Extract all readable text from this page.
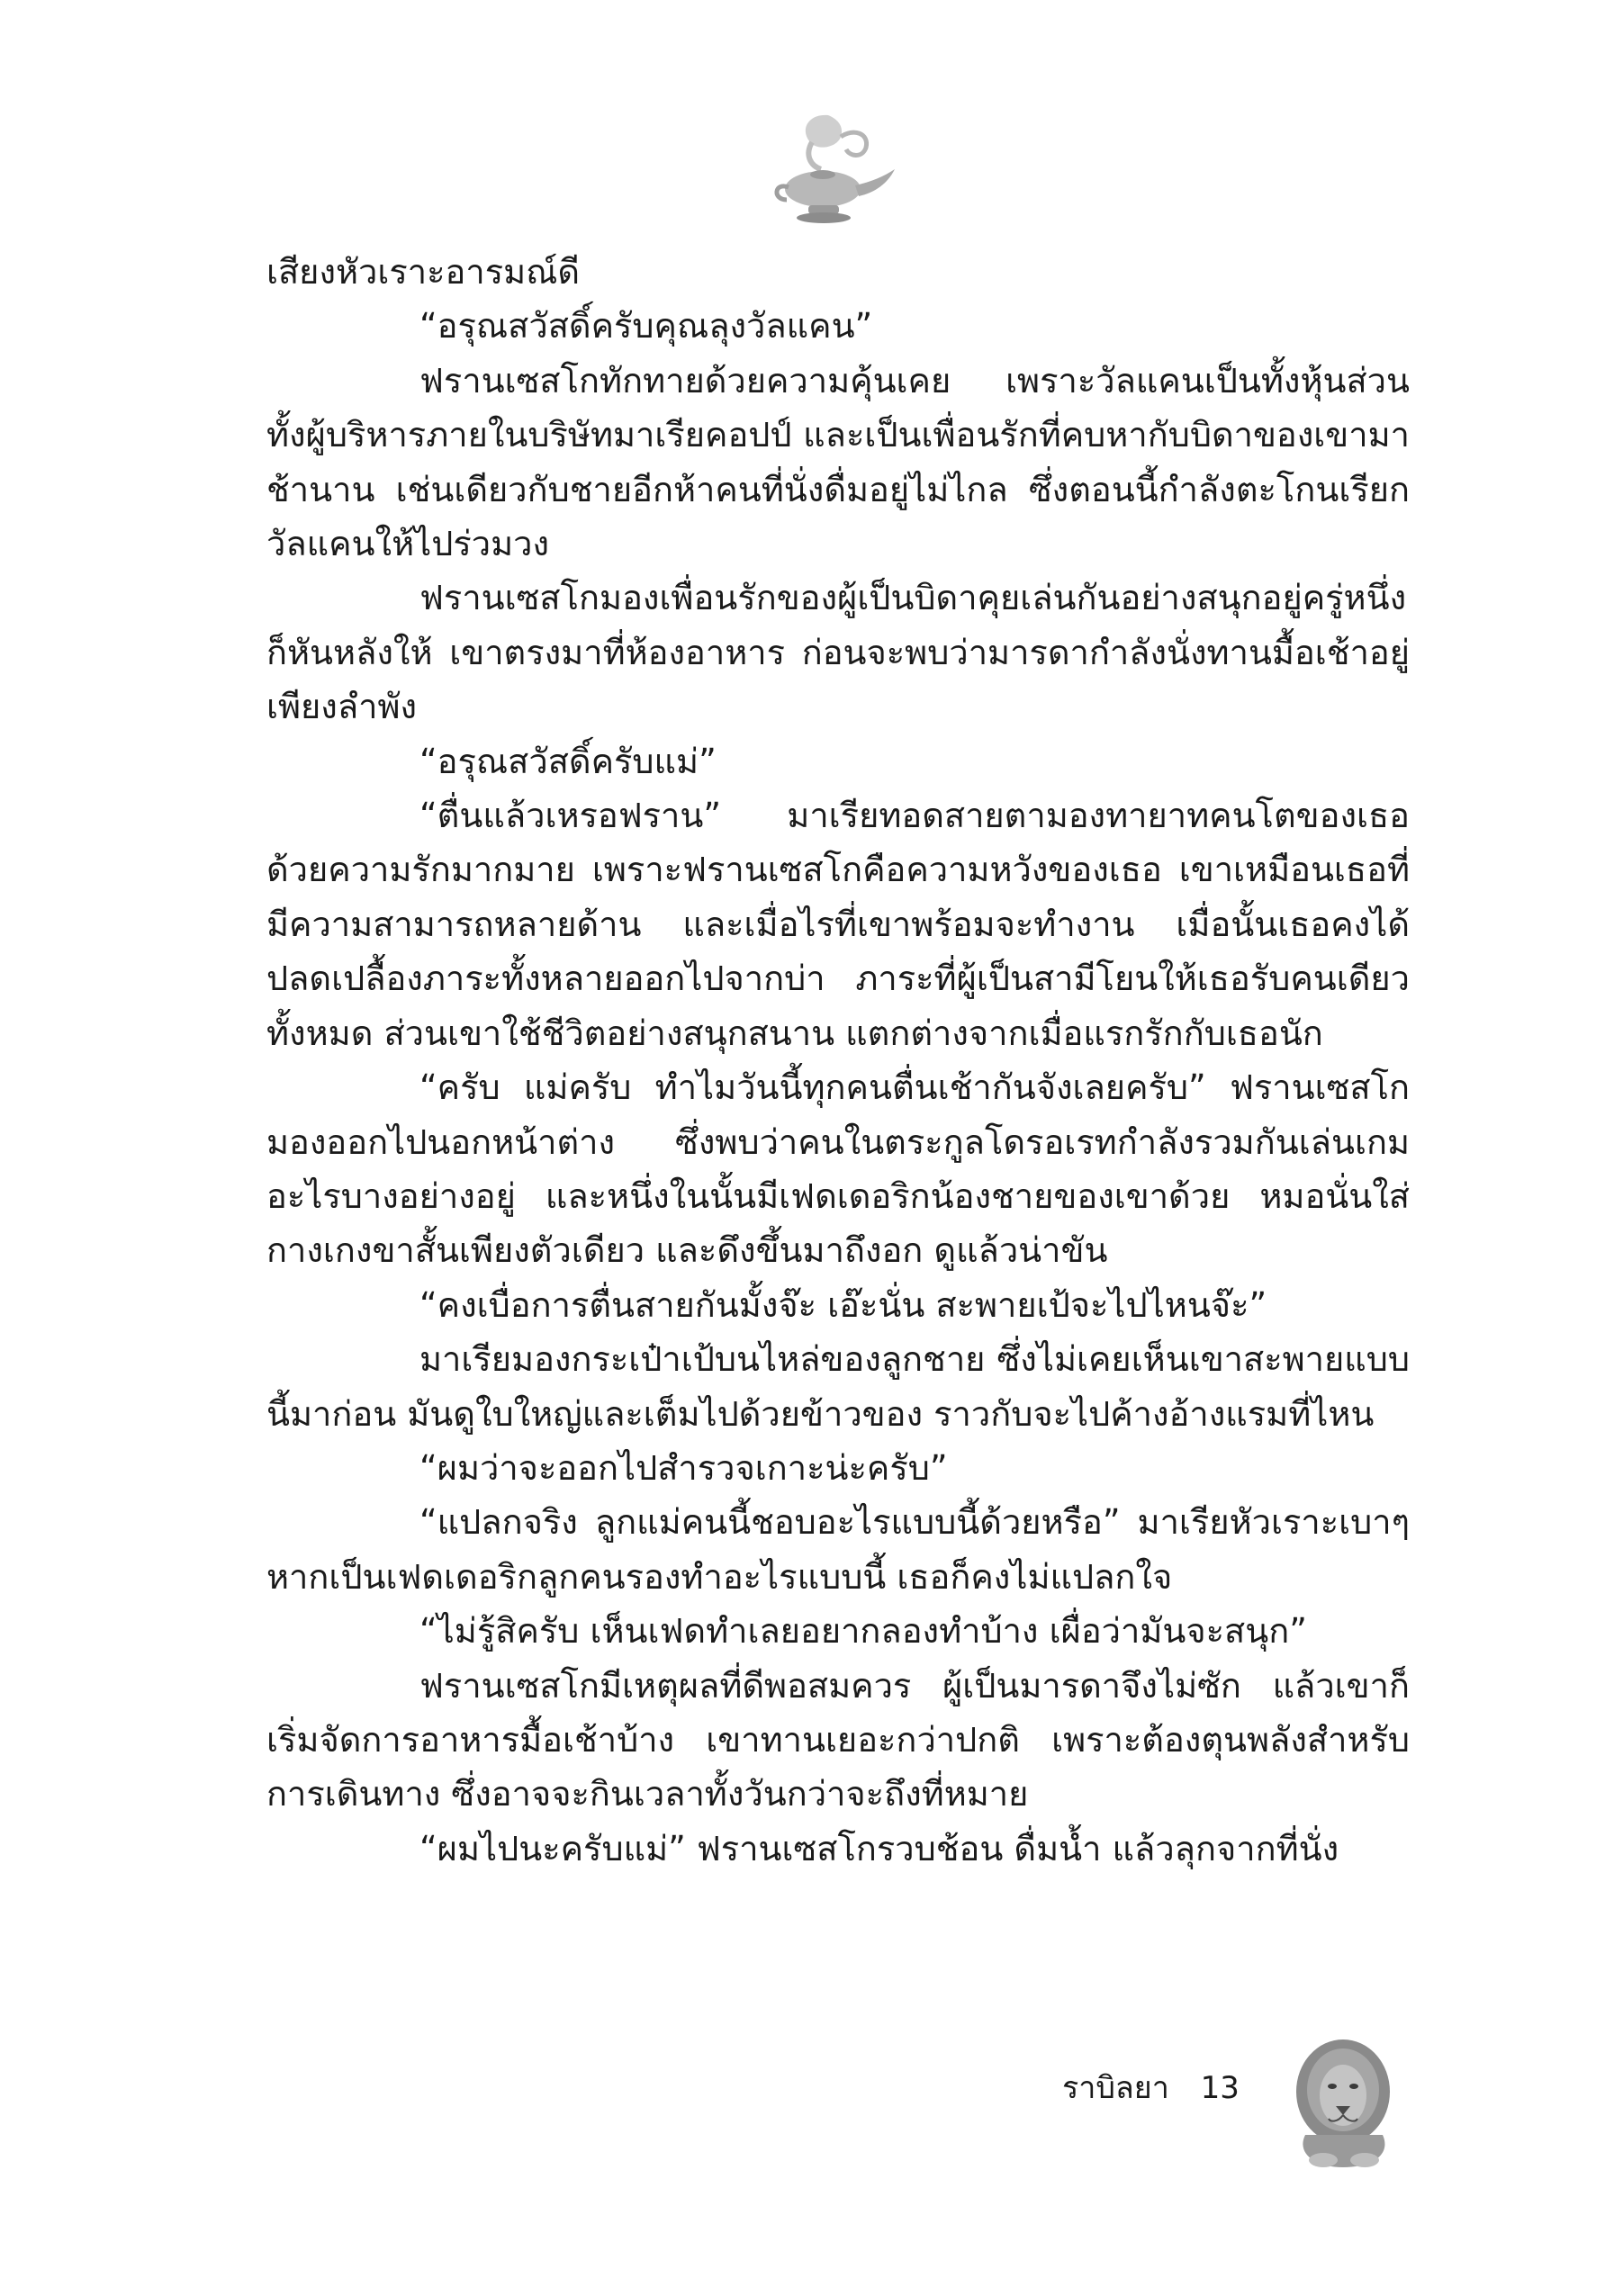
เสียงหัวเราะอารมณ์ดี

“อรุณสวัสดิ์ครับคุณลุงวัลแคน”

ฟรานเซสโกทักทายด้วยความคุ้นเคย เพราะวัลแคนเป็นทั้งหุ้นส่วน ทั้งผู้บริหารภายในบริษัทมาเรียคอปป์ และเป็นเพื่อนรักที่คบหากับบิดาของเขามาช้านาน เช่นเดียวกับชายอีกห้าคนที่นั่งดื่มอยู่ไม่ไกล ซึ่งตอนนี้กำลังตะโกนเรียกวัลแคนให้ไปร่วมวง

ฟรานเซสโกมองเพื่อนรักของผู้เป็นบิดาคุยเล่นกันอย่างสนุกอยู่ครู่หนึ่ง ก็หันหลังให้ เขาตรงมาที่ห้องอาหาร ก่อนจะพบว่ามารดากำลังนั่งทานมื้อเช้าอยู่เพียงลำพัง

“อรุณสวัสดิ์ครับแม่”

“ตื่นแล้วเหรอฟราน” มาเรียทอดสายตามองทายาทคนโตของเธอด้วยความรักมากมาย เพราะฟรานเซสโกคือความหวังของเธอ เขาเหมือนเธอที่มีความสามารถหลายด้าน และเมื่อไรที่เขาพร้อมจะทำงาน เมื่อนั้นเธอคงได้ปลดเปลื้องภาระทั้งหลายออกไปจากบ่า ภาระที่ผู้เป็นสามีโยนให้เธอรับคนเดียวทั้งหมด ส่วนเขาใช้ชีวิตอย่างสนุกสนาน แตกต่างจากเมื่อแรกรักกับเธอนัก

“ครับ แม่ครับ ทำไมวันนี้ทุกคนตื่นเช้ากันจังเลยครับ” ฟรานเซสโกมองออกไปนอกหน้าต่าง ซึ่งพบว่าคนในตระกูลโดรอเรทกำลังรวมกันเล่นเกมอะไรบางอย่างอยู่ และหนึ่งในนั้นมีเฟดเดอริกน้องชายของเขาด้วย หมอนั่นใส่กางเกงขาสั้นเพียงตัวเดียว และดึงขึ้นมาถึงอก ดูแล้วน่าขัน

“คงเบื่อการตื่นสายกันมั้งจ๊ะ เอ๊ะนั่น สะพายเป้จะไปไหนจ๊ะ”

มาเรียมองกระเป๋าเป้บนไหล่ของลูกชาย ซึ่งไม่เคยเห็นเขาสะพายแบบนี้มาก่อน มันดูใบใหญ่และเต็มไปด้วยข้าวของ ราวกับจะไปค้างอ้างแรมที่ไหน

“ผมว่าจะออกไปสำรวจเกาะน่ะครับ”

“แปลกจริง ลูกแม่คนนี้ชอบอะไรแบบนี้ด้วยหรือ” มาเรียหัวเราะเบาๆ หากเป็นเฟดเดอริกลูกคนรองทำอะไรแบบนี้ เธอก็คงไม่แปลกใจ

“ไม่รู้สิครับ เห็นเฟดทำเลยอยากลองทำบ้าง เผื่อว่ามันจะสนุก”

ฟรานเซสโกมีเหตุผลที่ดีพอสมควร ผู้เป็นมารดาจึงไม่ซัก แล้วเขาก็เริ่มจัดการอาหารมื้อเช้าบ้าง เขาทานเยอะกว่าปกติ เพราะต้องตุนพลังสำหรับการเดินทาง ซึ่งอาจจะกินเวลาทั้งวันกว่าจะถึงที่หมาย

“ผมไปนะครับแม่” ฟรานเซสโกรวบช้อน ดื่มน้ำ แล้วลุกจากที่นั่ง

ราบิลยา 13
